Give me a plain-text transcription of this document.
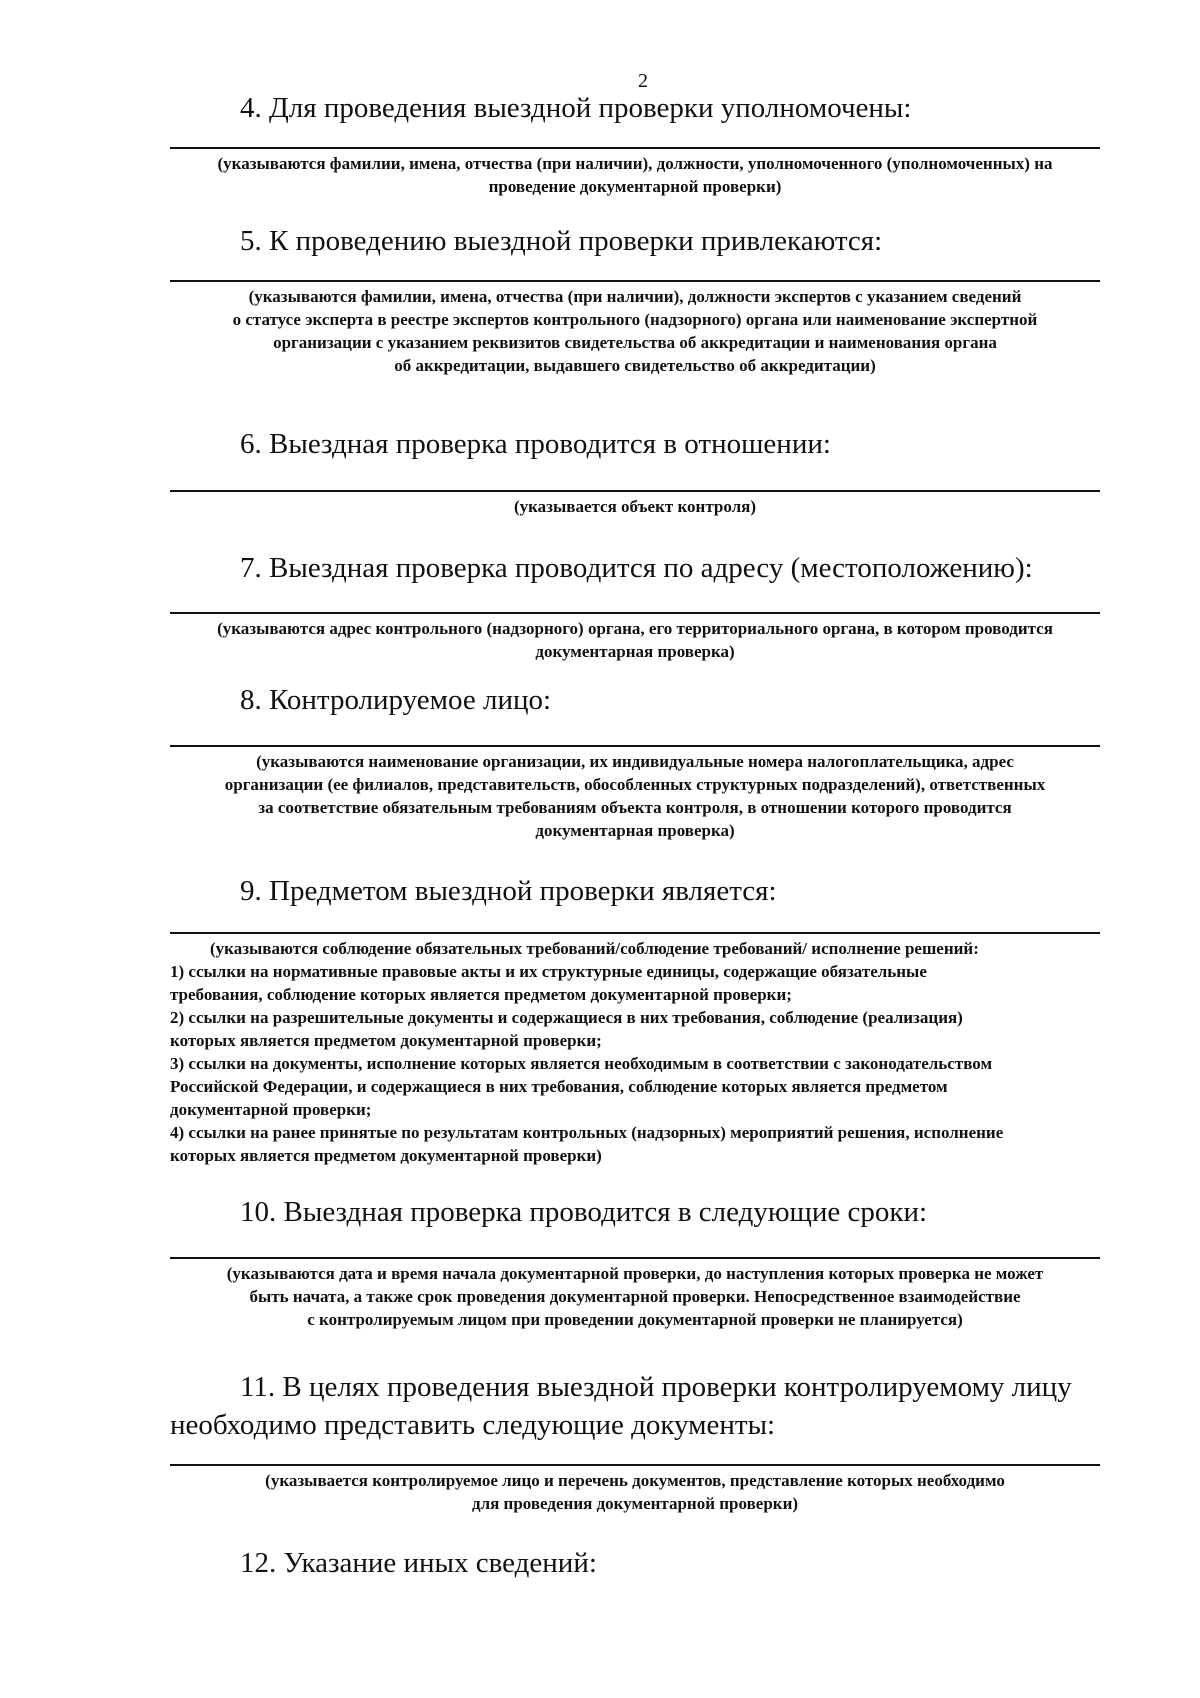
2
4. Для проведения выездной проверки уполномочены:
(указываются фамилии, имена, отчества (при наличии), должности, уполномоченного (уполномоченных) на
проведение документарной проверки)
5. К проведению выездной проверки привлекаются:
(указываются фамилии, имена, отчества (при наличии), должности экспертов с указанием сведений
о статусе эксперта в реестре экспертов контрольного (надзорного) органа или наименование экспертной
организации с указанием реквизитов свидетельства об аккредитации и наименования органа
об аккредитации, выдавшего свидетельство об аккредитации)
6. Выездная проверка проводится в отношении:
(указывается объект контроля)
7. Выездная проверка проводится по адресу (местоположению):
(указываются адрес контрольного (надзорного) органа, его территориального органа, в котором проводится
документарная проверка)
8. Контролируемое лицо:
(указываются наименование организации, их индивидуальные номера налогоплательщика, адрес
организации (ее филиалов, представительств, обособленных структурных подразделений), ответственных
за соответствие обязательным требованиям объекта контроля, в отношении которого проводится
документарная проверка)
9. Предметом выездной проверки является:
(указываются соблюдение обязательных требований/соблюдение требований/ исполнение решений:
1) ссылки на нормативные правовые акты и их структурные единицы, содержащие обязательные
требования, соблюдение которых является предметом документарной проверки;
2) ссылки на разрешительные документы и содержащиеся в них требования, соблюдение (реализация)
которых является предметом документарной проверки;
3) ссылки на документы, исполнение которых является необходимым в соответствии с законодательством
Российской Федерации, и содержащиеся в них требования, соблюдение которых является предметом
документарной проверки;
4) ссылки на ранее принятые по результатам контрольных (надзорных) мероприятий решения, исполнение
которых является предметом документарной проверки)
10. Выездная проверка проводится в следующие сроки:
(указываются дата и время начала документарной проверки, до наступления которых проверка не может
быть начата, а также срок проведения документарной проверки. Непосредственное взаимодействие
с контролируемым лицом при проведении документарной проверки не планируется)
11. В целях проведения выездной проверки контролируемому лицу
необходимо представить следующие документы:
(указывается контролируемое лицо и перечень документов, представление которых необходимо
для проведения документарной проверки)
12. Указание иных сведений:
